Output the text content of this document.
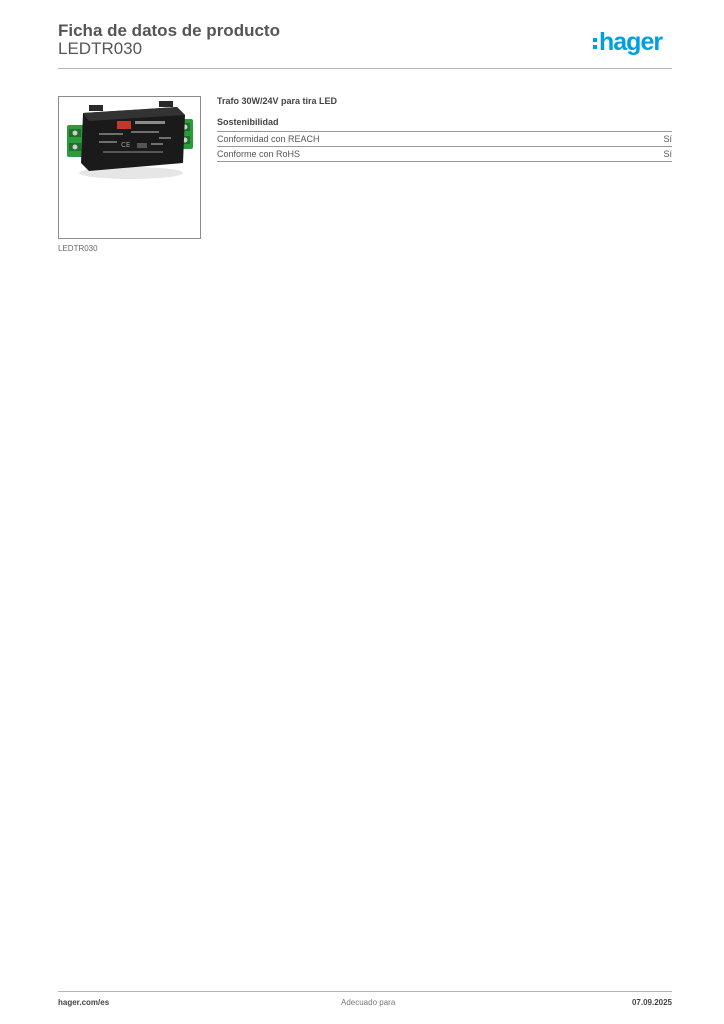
Ficha de datos de producto
LEDTR030	hager
CE
LEDTR030
Trafo 30W/24V para tira LED
Sostenibilidad
Conformidad con REACH	Sí
Conforme con RoHS	Sí
hager.com/es	Adecuado para	07.09.2025
